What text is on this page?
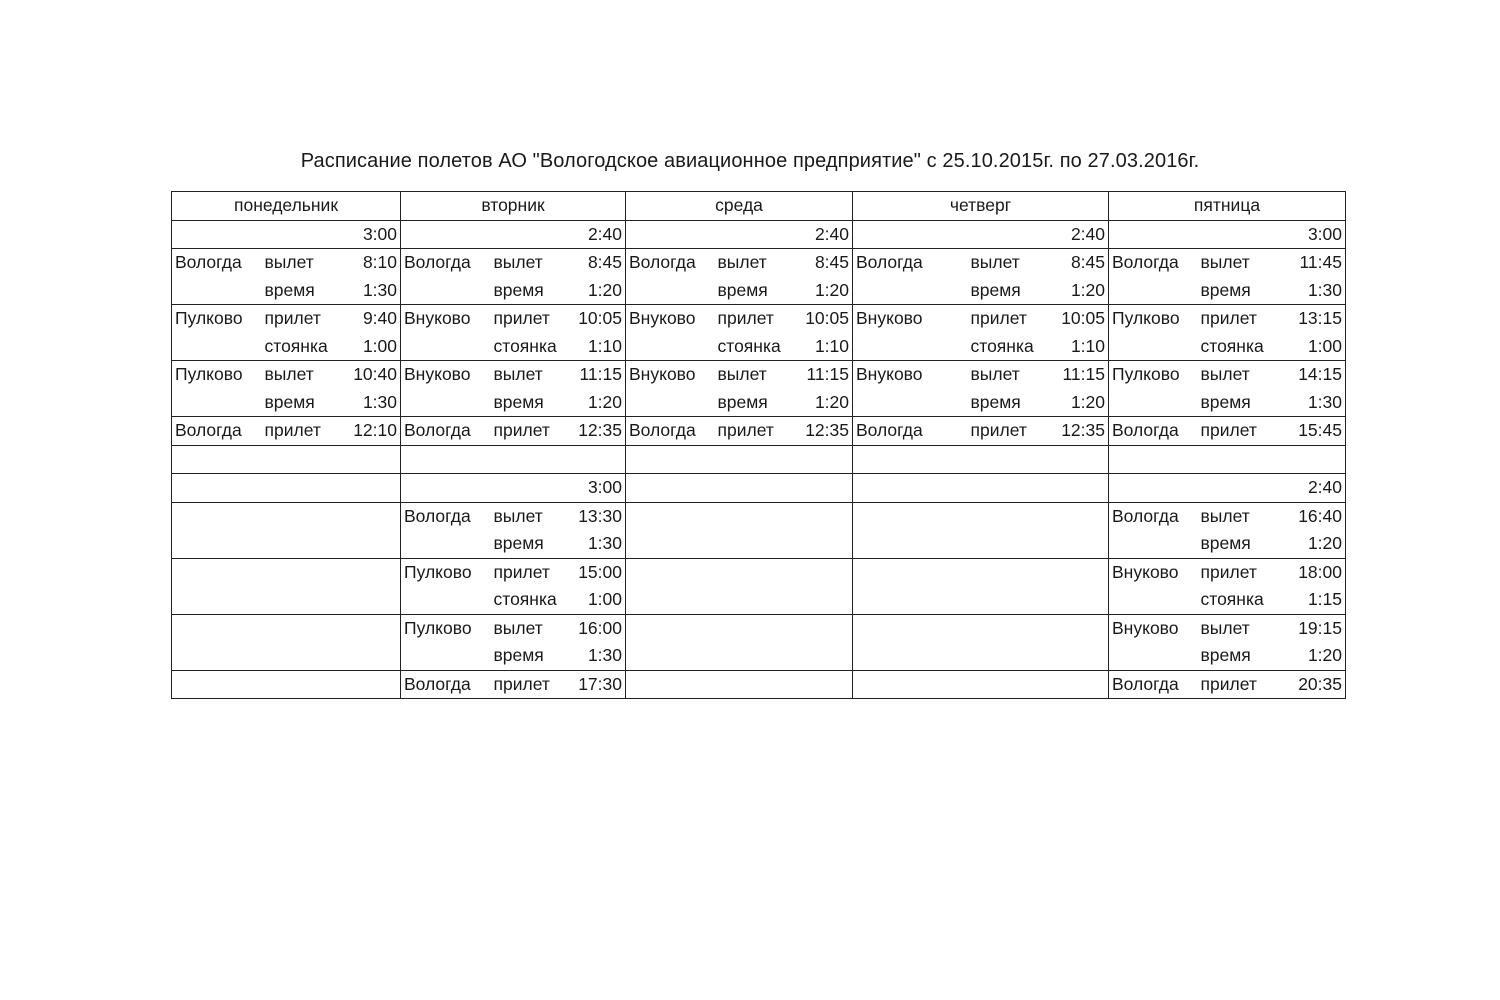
Расписание полетов АО "Вологодское авиационное предприятие" с 25.10.2015г. по 27.03.2016г.
понедельник			вторник			среда			четверг			пятница		
		3:00			2:40			2:40			2:40			3:00
Вологда	вылет	8:10	Вологда	вылет	8:45	Вологда	вылет	8:45	Вологда	вылет	8:45	Вологда	вылет	11:45
	время	1:30		время	1:20		время	1:20		время	1:20		время	1:30
Пулково	прилет	9:40	Внуково	прилет	10:05	Внуково	прилет	10:05	Внуково	прилет	10:05	Пулково	прилет	13:15
	стоянка	1:00		стоянка	1:10		стоянка	1:10		стоянка	1:10		стоянка	1:00
Пулково	вылет	10:40	Внуково	вылет	11:15	Внуково	вылет	11:15	Внуково	вылет	11:15	Пулково	вылет	14:15
	время	1:30		время	1:20		время	1:20		время	1:20		время	1:30
Вологда	прилет	12:10	Вологда	прилет	12:35	Вологда	прилет	12:35	Вологда	прилет	12:35	Вологда	прилет	15:45

					3:00									2:40
			Вологда	вылет	13:30							Вологда	вылет	16:40
				время	1:30								время	1:20
			Пулково	прилет	15:00							Внуково	прилет	18:00
				стоянка	1:00								стоянка	1:15
			Пулково	вылет	16:00							Внуково	вылет	19:15
				время	1:30								время	1:20
			Вологда	прилет	17:30							Вологда	прилет	20:35
